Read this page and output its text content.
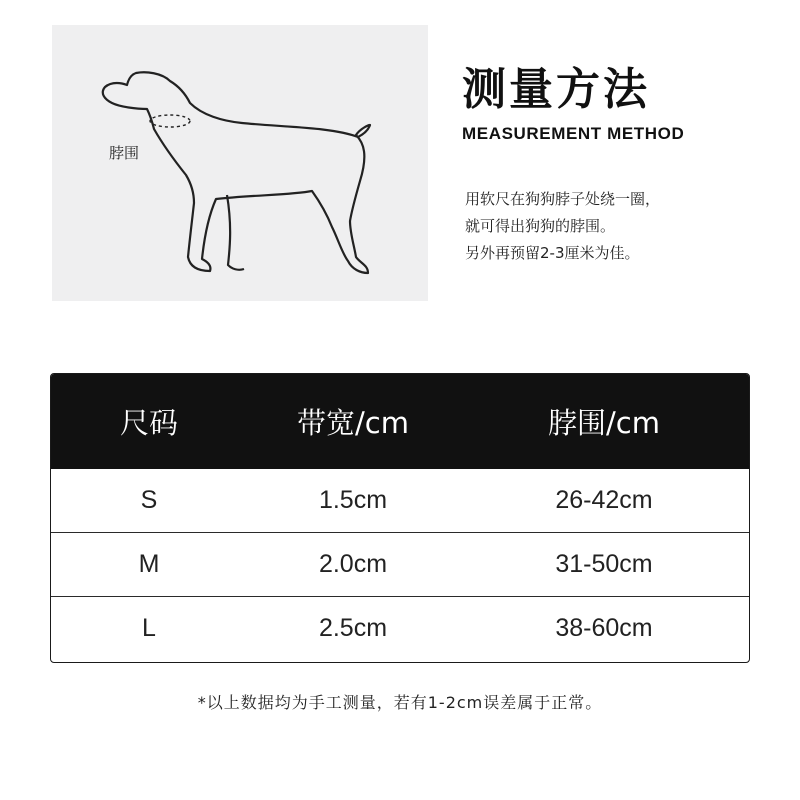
脖围
测量方法
MEASUREMENT METHOD
用软尺在狗狗脖子处绕一圈，
就可得出狗狗的脖围。
另外再预留2-3厘米为佳。
尺码	带宽/cm	脖围/cm
S	1.5cm	26-42cm
M	2.0cm	31-50cm
L	2.5cm	38-60cm
*以上数据均为手工测量，若有1-2cm误差属于正常。
